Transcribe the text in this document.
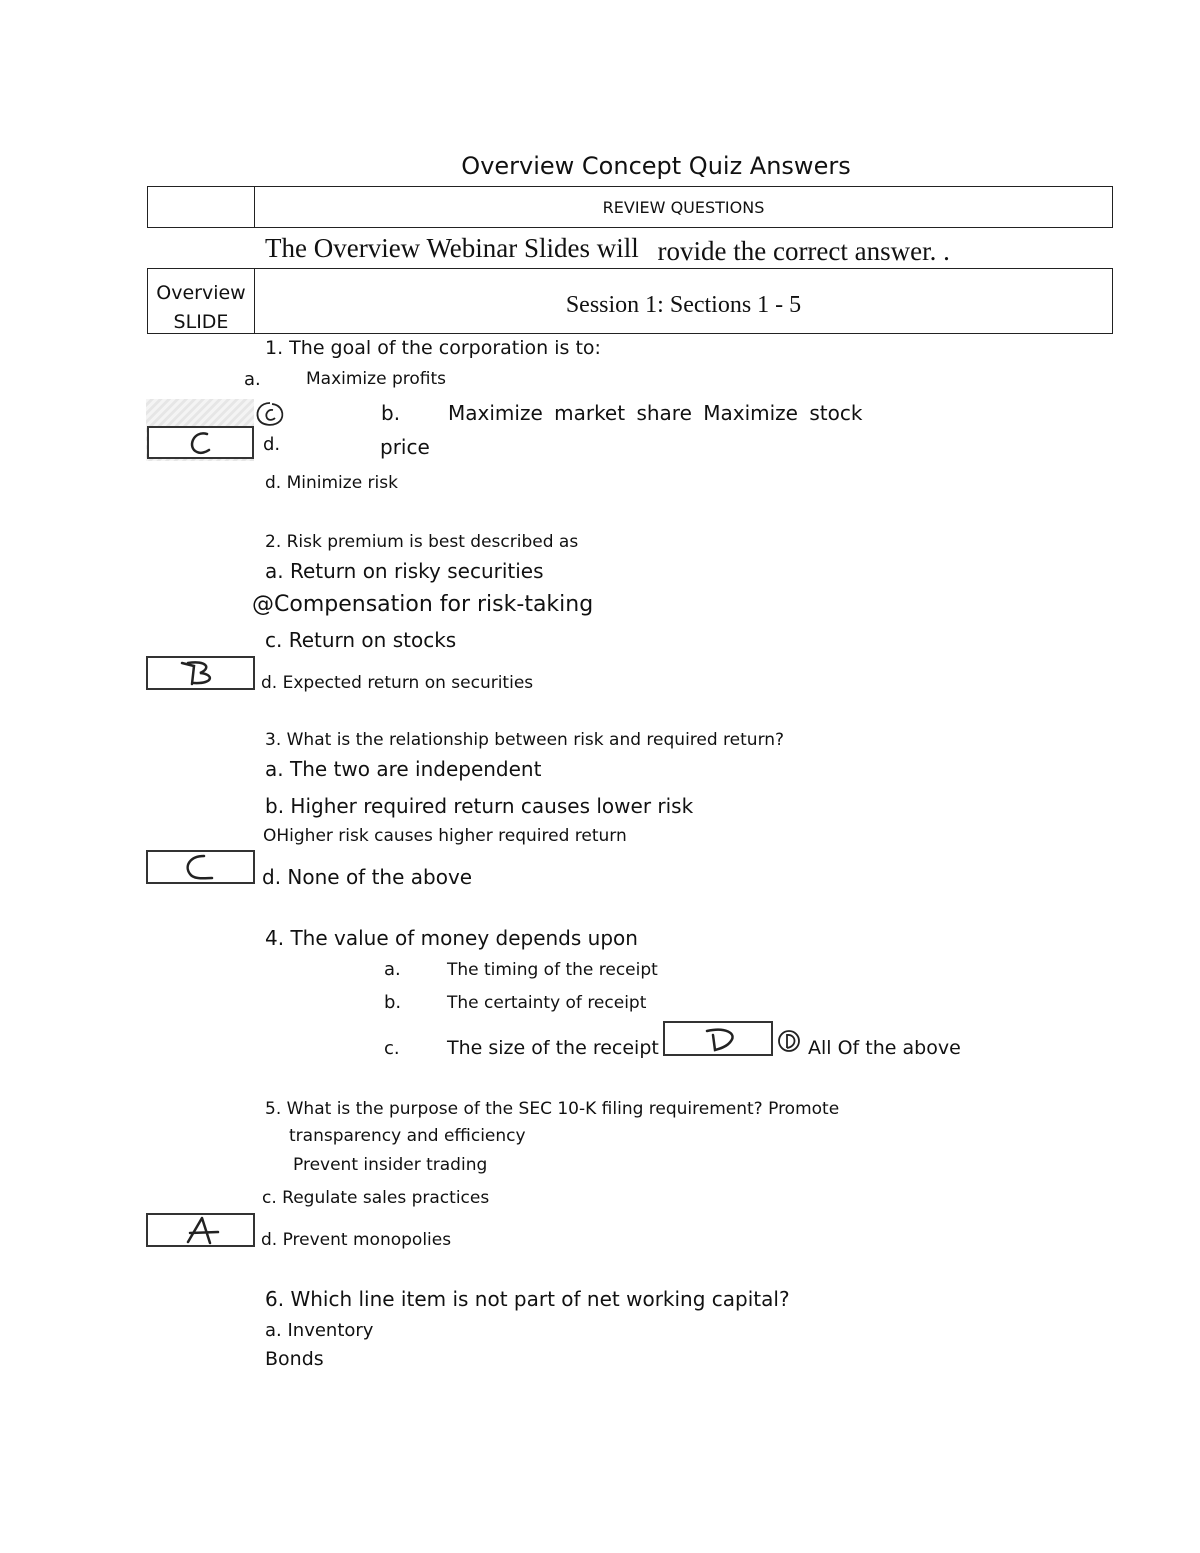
Overview Concept Quiz Answers
REVIEW QUESTIONS
The Overview Webinar Slides will rovide the correct answer. .
Overview
SLIDE
Session 1: Sections 1 - 5
1. The goal of the corporation is to:
a.	Maximize profits
b. Maximize market share Maximize stock
d.	price
d. Minimize risk
2. Risk premium is best described as
a. Return on risky securities
@Compensation for risk-taking
c. Return on stocks
d. Expected return on securities
3. What is the relationship between risk and required return?
a. The two are independent
b. Higher required return causes lower risk
OHigher risk causes higher required return
d. None of the above
4. The value of money depends upon
a.	The timing of the receipt
b.	The certainty of receipt
c. The size of the receipt	All Of the above
5. What is the purpose of the SEC 10-K filing requirement? Promote
transparency and efficiency
Prevent insider trading
c. Regulate sales practices
d. Prevent monopolies
6. Which line item is not part of net working capital?
a. Inventory
Bonds
